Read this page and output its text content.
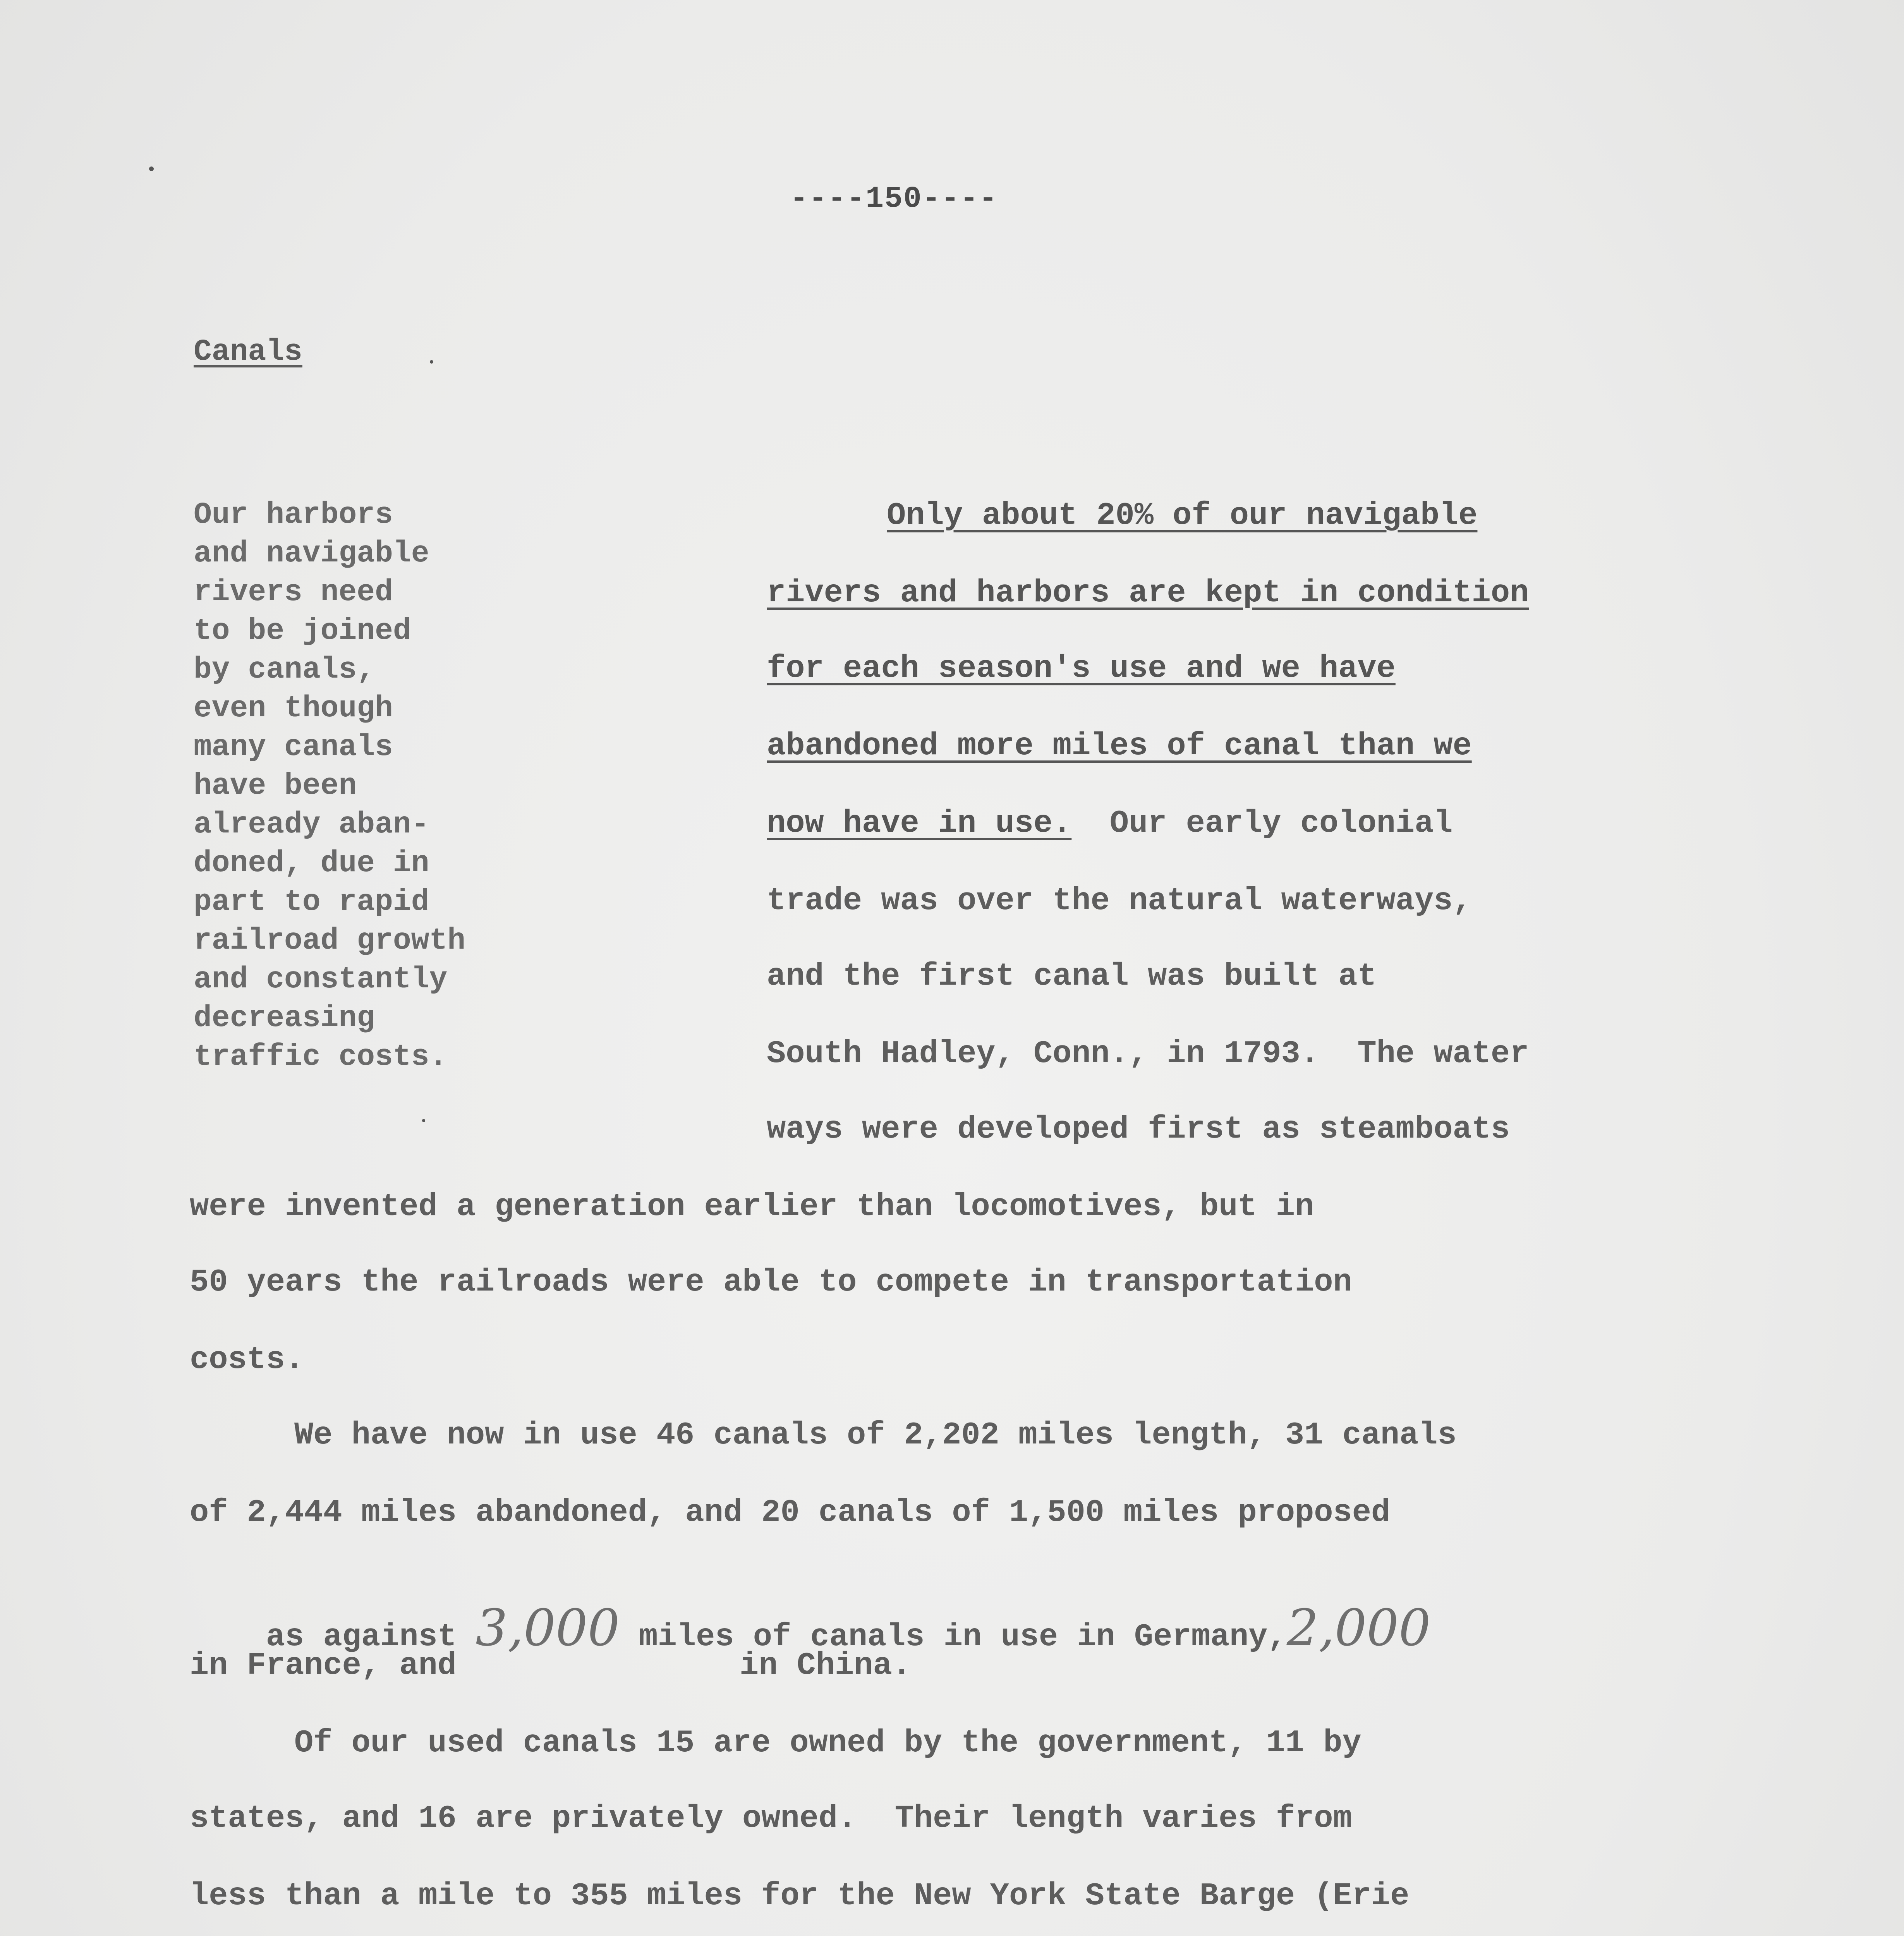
----150----
Canals
Our harbors
and navigable
rivers need
to be joined
by canals,
even though
many canals
have been
already aban-
doned, due in
part to rapid
railroad growth
and constantly
decreasing
traffic costs.
Only about 20% of our navigable
rivers and harbors are kept in condition
for each season's use and we have
abandoned more miles of canal than we
now have in use.  Our early colonial
trade was over the natural waterways,
and the first canal was built at
South Hadley, Conn., in 1793.  The water
ways were developed first as steamboats
were invented a generation earlier than locomotives, but in
50 years the railroads were able to compete in transportation
costs.
We have now in use 46 canals of 2,202 miles length, 31 canals
of 2,444 miles abandoned, and 20 canals of 1,500 miles proposed

as against 3,000 miles of canals in use in Germany,2,000

in France, and	in China.
Of our used canals 15 are owned by the government, 11 by
states, and 16 are privately owned.  Their length varies from
less than a mile to 355 miles for the New York State Barge (Erie
